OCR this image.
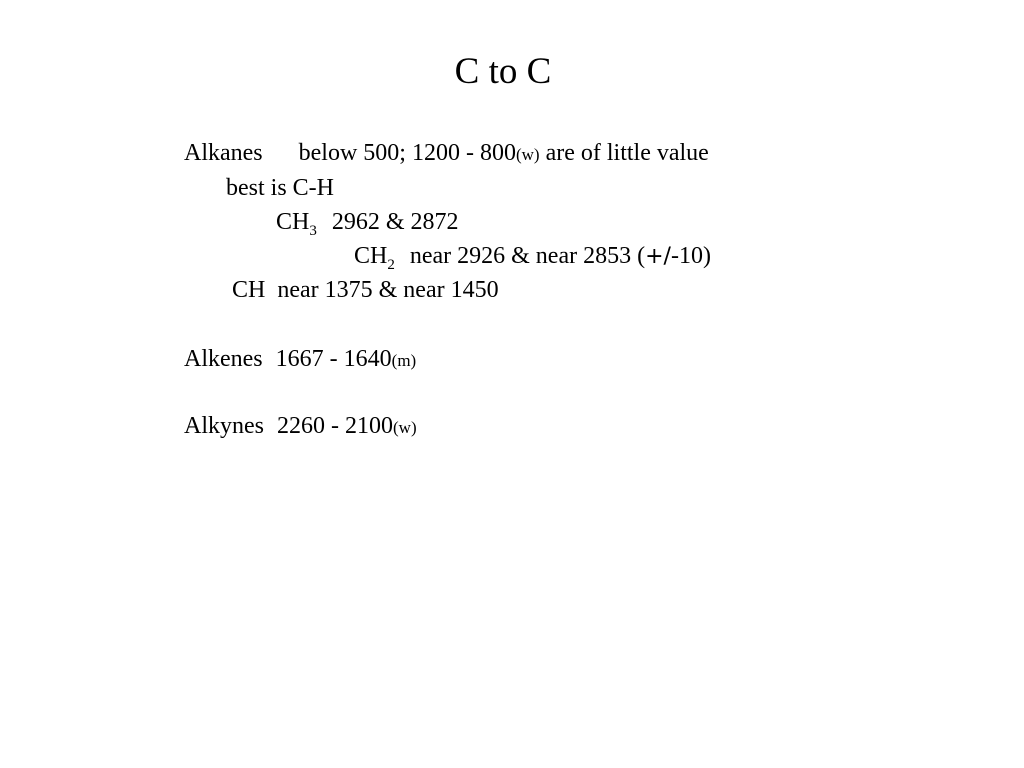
C to C
Alkanes below 500; 1200 - 800(w) are of little value
best is C-H
$CH_3$ 2962 & 2872
$CH_2$ near 2926 & near 2853 (+/-10)
CH  near 1375 & near 1450
Alkenes 1667 - 1640(m)
Alkynes 2260 - 2100(w)
